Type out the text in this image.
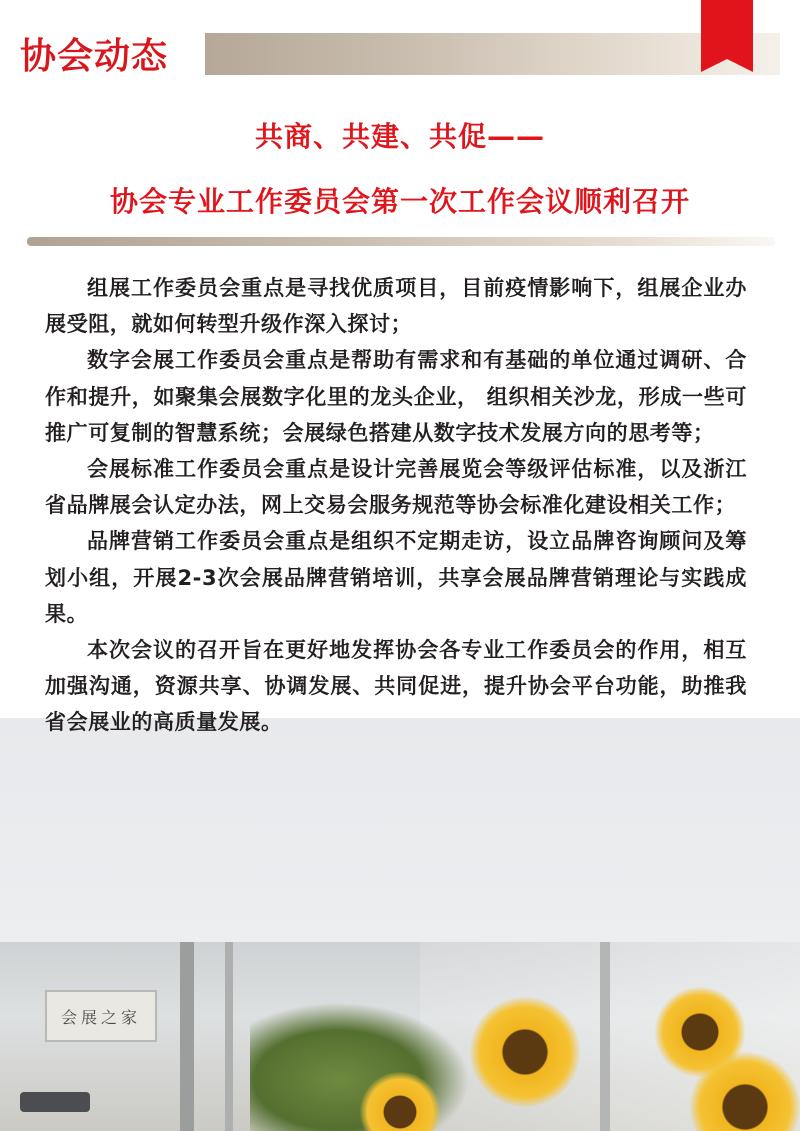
协会动态
共商、共建、共促——
协会专业工作委员会第一次工作会议顺利召开

组展工作委员会重点是寻找优质项目，目前疫情影响下，组展企业办展受阻，就如何转型升级作深入探讨；

数字会展工作委员会重点是帮助有需求和有基础的单位通过调研、合作和提升，如聚集会展数字化里的龙头企业， 组织相关沙龙，形成一些可推广可复制的智慧系统；会展绿色搭建从数字技术发展方向的思考等；

会展标准工作委员会重点是设计完善展览会等级评估标准，以及浙江省品牌展会认定办法，网上交易会服务规范等协会标准化建设相关工作；

品牌营销工作委员会重点是组织不定期走访，设立品牌咨询顾问及筹划小组，开展2-3次会展品牌营销培训，共享会展品牌营销理论与实践成果。

本次会议的召开旨在更好地发挥协会各专业工作委员会的作用，相互加强沟通，资源共享、协调发展、共同促进，提升协会平台功能，助推我省会展业的高质量发展。

会展之家
